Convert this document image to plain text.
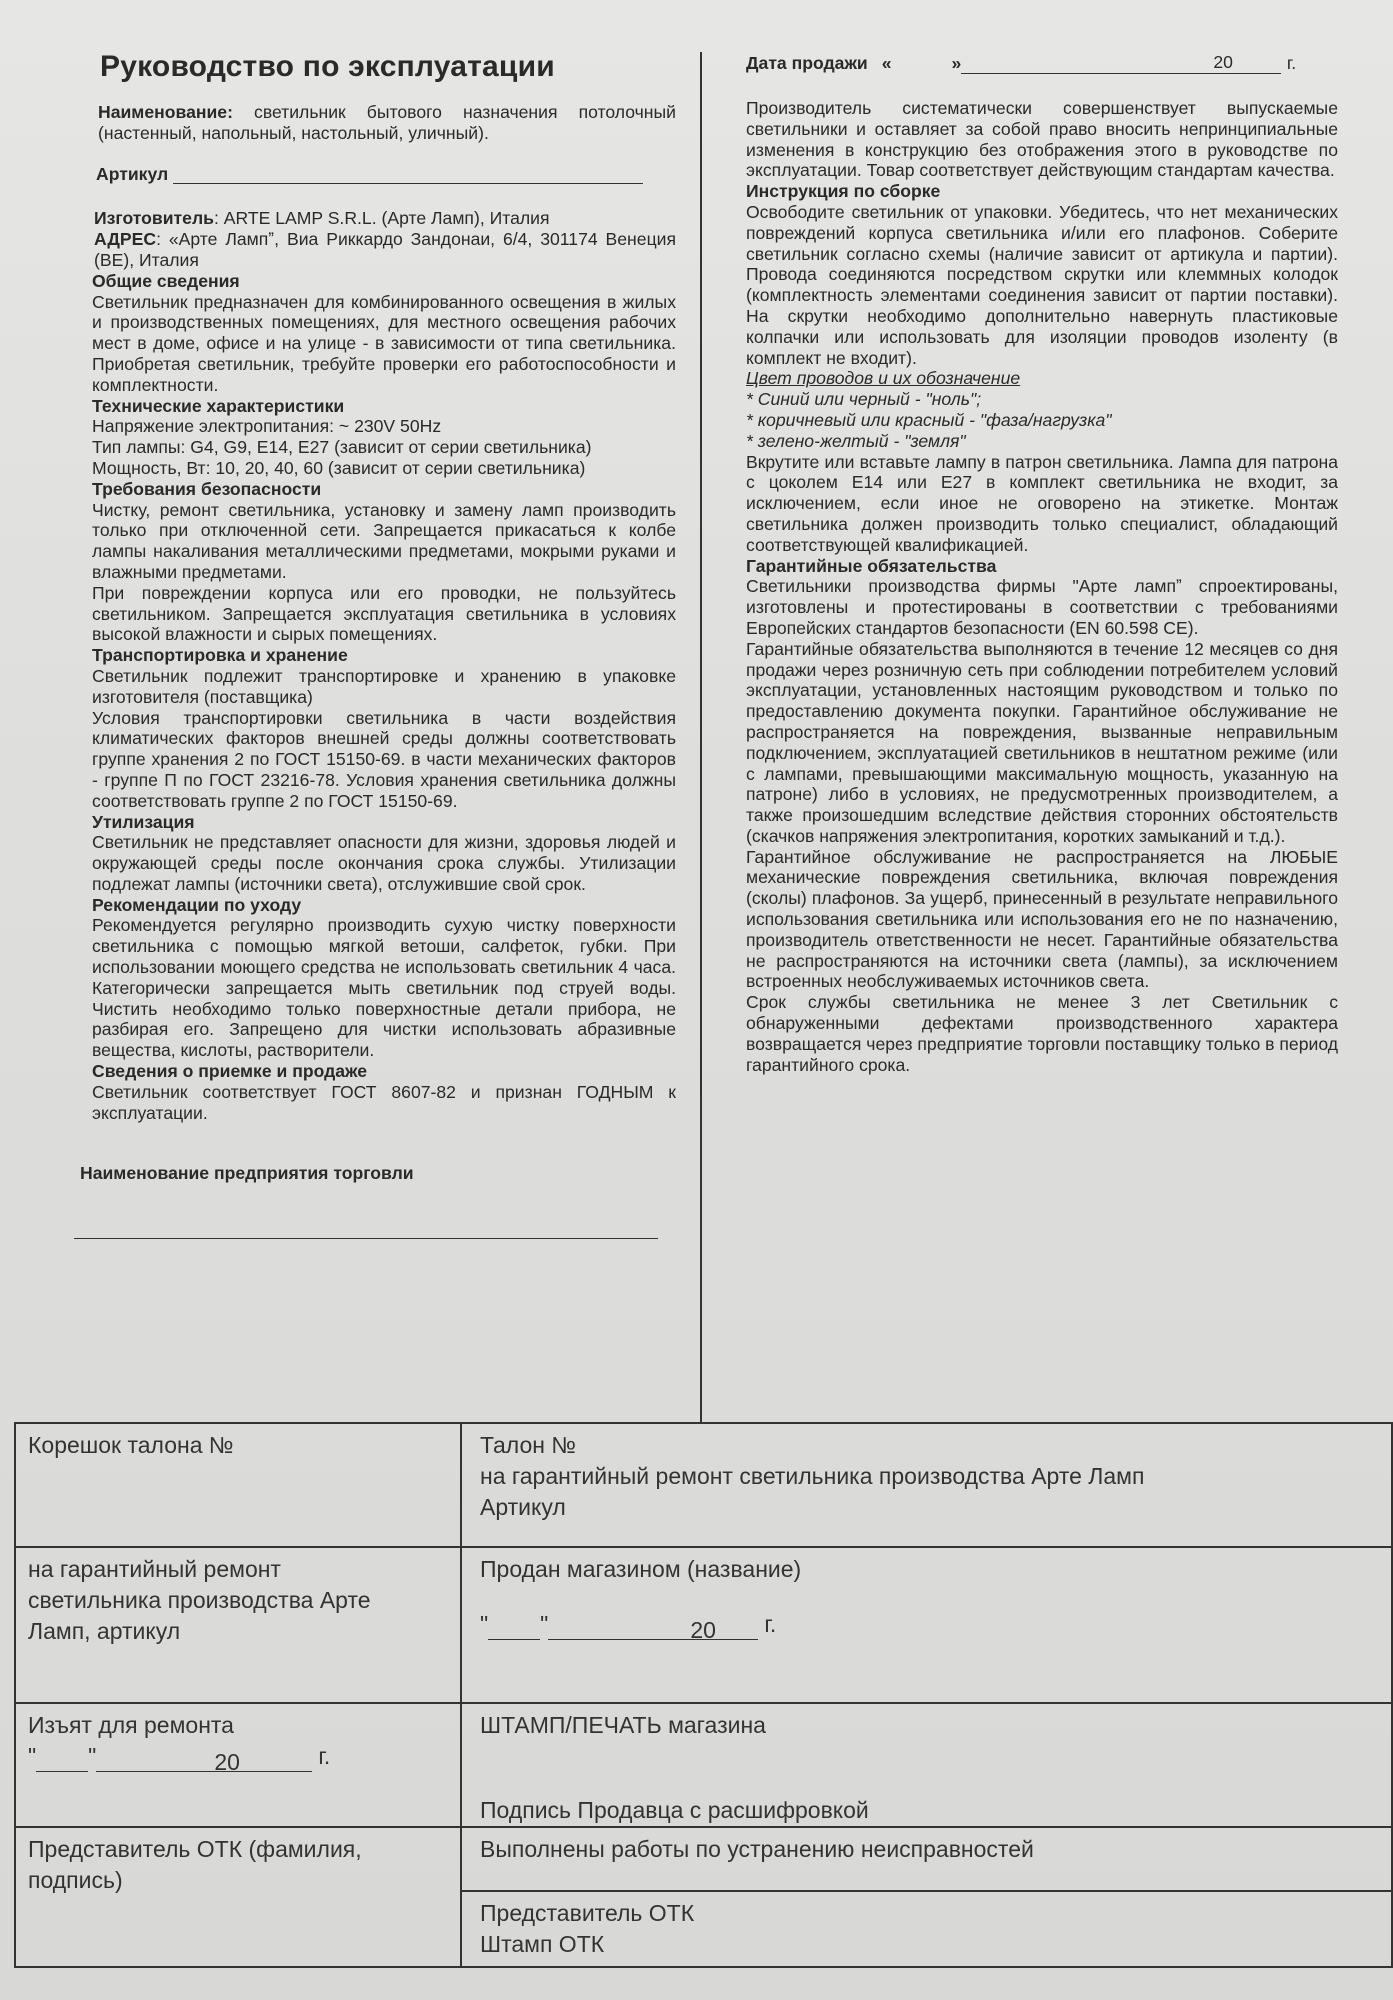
Руководство по эксплуатации

Наименование: светильник бытового назначения потолочный (настенный, напольный, настольный, уличный).

Артикул

Изготовитель: ARTE LAMP S.R.L. (Арте Ламп), Италия

АДРЕС: «Арте Лампˮ, Виа Риккардо Зандонаи, 6/4, 301174 Венеция (ВЕ), Италия

Общие сведения

Светильник предназначен для комбинированного освещения в жилых и производственных помещениях, для местного освещения рабочих мест в доме, офисе и на улице - в зависимости от типа светильника. Приобретая светильник, требуйте проверки его работоспособности и комплектности.

Технические характеристики

Напряжение электропитания: ~ 230V 50Hz

Тип лампы: G4, G9, E14, E27 (зависит от серии светильника)

Мощность, Вт: 10, 20, 40, 60 (зависит от серии светильника)

Требования безопасности

Чистку, ремонт светильника, установку и замену ламп производить только при отключенной сети. Запрещается прикасаться к колбе лампы накаливания металлическими предметами, мокрыми руками и влажными предметами.

При повреждении корпуса или его проводки, не пользуйтесь светильником. Запрещается эксплуатация светильника в условиях высокой влажности и сырых помещениях.

Транспортировка и хранение

Светильник подлежит транспортировке и хранению в упаковке изготовителя (поставщика)

Условия транспортировки светильника в части воздействия климатических факторов внешней среды должны соответствовать группе хранения 2 по ГОСТ 15150-69. в части механических факторов - группе П по ГОСТ 23216-78. Условия хранения светильника должны соответствовать группе 2 по ГОСТ 15150-69.

Утилизация

Светильник не представляет опасности для жизни, здоровья людей и окружающей среды после окончания срока службы. Утилизации подлежат лампы (источники света), отслужившие свой срок.

Рекомендации по уходу

Рекомендуется регулярно производить сухую чистку поверхности светильника с помощью мягкой ветоши, салфеток, губки. При использовании моющего средства не использовать светильник 4 часа. Категорически запрещается мыть светильник под струей воды. Чистить необходимо только поверхностные детали прибора, не разбирая его. Запрещено для чистки использовать абразивные вещества, кислоты, растворители.

Сведения о приемке и продаже

Светильник соответствует ГОСТ 8607-82 и признан ГОДНЫМ к эксплуатации.

Наименование предприятия торговли
Дата продажи «	»	20	г.

Производитель систематически совершенствует выпускаемые светильники и оставляет за собой право вносить непринципиальные изменения в конструкцию без отображения этого в руководстве по эксплуатации. Товар соответствует действующим стандартам качества.

Инструкция по сборке

Освободите светильник от упаковки. Убедитесь, что нет механических повреждений корпуса светильника и/или его плафонов. Соберите светильник согласно схемы (наличие зависит от артикула и партии). Провода соединяются посредством скрутки или клеммных колодок (комплектность элементами соединения зависит от партии поставки). На скрутки необходимо дополнительно навернуть пластиковые колпачки или использовать для изоляции проводов изоленту (в комплект не входит).

Цвет проводов и их обозначение

* Синий или черный - "ноль";

* коричневый или красный - "фаза/нагрузка"

* зелено-желтый - "земля"

Вкрутите или вставьте лампу в патрон светильника. Лампа для патрона с цоколем E14 или E27 в комплект светильника не входит, за исключением, если иное не оговорено на этикетке. Монтаж светильника должен производить только специалист, обладающий соответствующей квалификацией.

Гарантийные обязательства

Светильники производства фирмы "Арте лампˮ спроектированы, изготовлены и протестированы в соответствии с требованиями Европейских стандартов безопасности (EN 60.598 CE).

Гарантийные обязательства выполняются в течение 12 месяцев со дня продажи через розничную сеть при соблюдении потребителем условий эксплуатации, установленных настоящим руководством и только по предоставлению документа покупки. Гарантийное обслуживание не распространяется на повреждения, вызванные неправильным подключением, эксплуатацией светильников в нештатном режиме (или с лампами, превышающими максимальную мощность, указанную на патроне) либо в условиях, не предусмотренных производителем, а также произошедшим вследствие действия сторонних обстоятельств (скачков напряжения электропитания, коротких замыканий и т.д.).

Гарантийное обслуживание не распространяется на ЛЮБЫЕ механические повреждения светильника, включая повреждения (сколы) плафонов. За ущерб, принесенный в результате неправильного использования светильника или использования его не по назначению, производитель ответственности не несет. Гарантийные обязательства не распространяются на источники света (лампы), за исключением встроенных необслуживаемых источников света.

Срок службы светильника не менее 3 лет Светильник с обнаруженными дефектами производственного характера возвращается через предприятие торговли поставщику только в период гарантийного срока.

Корешок талона №	Талон №
на гарантийный ремонт светильника производства Арте Ламп
Артикул

на гарантийный ремонт светильника производства Арте Ламп, артикул	Продан магазином (название)
" " 20 г.

Изъят для ремонта
" " 20 г.	ШТАМП/ПЕЧАТЬ магазина
Подпись Продавца с расшифровкой

Представитель ОТК (фамилия, подпись)	Выполнены работы по устранению неисправностей

	Представитель ОТК
Штамп ОТК
